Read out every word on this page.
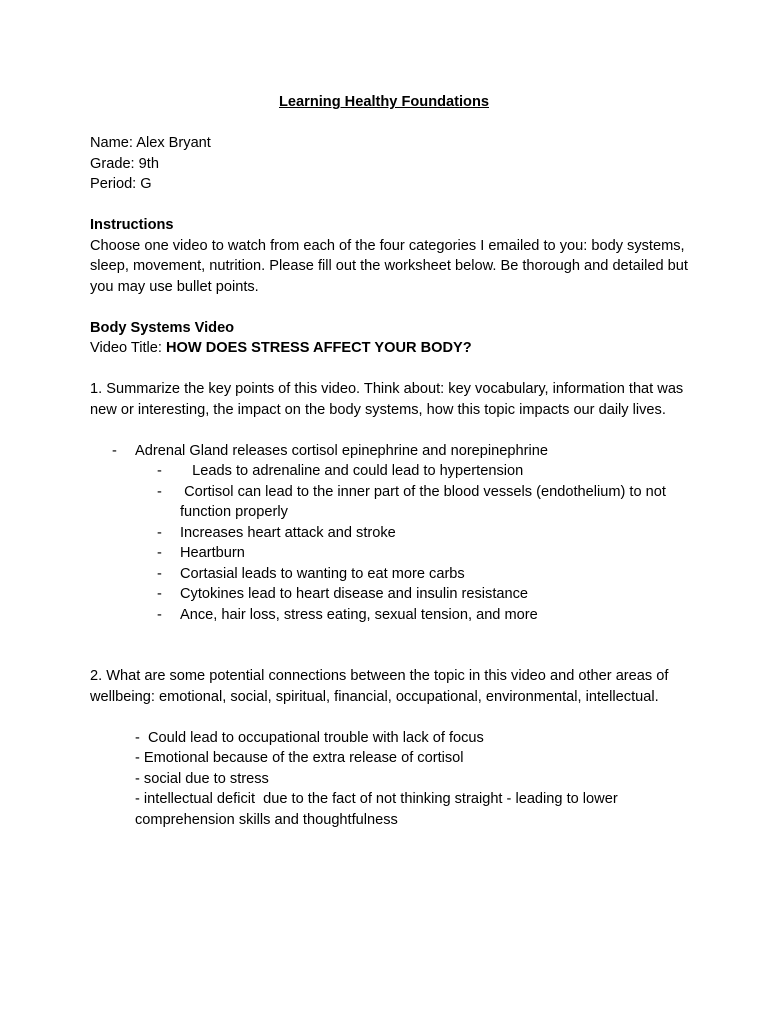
Learning Healthy Foundations

Name: Alex Bryant

Grade: 9th

Period: G

Instructions

Choose one video to watch from each of the four categories I emailed to you: body systems, sleep, movement, nutrition. Please fill out the worksheet below. Be thorough and detailed but you may use bullet points.

Body Systems Video

Video Title: HOW DOES STRESS AFFECT YOUR BODY?

1. Summarize the key points of this video. Think about: key vocabulary, information that was new or interesting, the impact on the body systems, how this topic impacts our daily lives.

- Adrenal Gland releases cortisol epinephrine and norepinephrine

- Leads to adrenaline and could lead to hypertension

- Cortisol can lead to the inner part of the blood vessels (endothelium) to not function properly

- Increases heart attack and stroke

- Heartburn

- Cortasial leads to wanting to eat more carbs

- Cytokines lead to heart disease and insulin resistance

- Ance, hair loss, stress eating, sexual tension, and more

2. What are some potential connections between the topic in this video and other areas of wellbeing: emotional, social, spiritual, financial, occupational, environmental, intellectual.

-  Could lead to occupational trouble with lack of focus

- Emotional because of the extra release of cortisol

- social due to stress

- intellectual deficit  due to the fact of not thinking straight - leading to lower comprehension skills and thoughtfulness
